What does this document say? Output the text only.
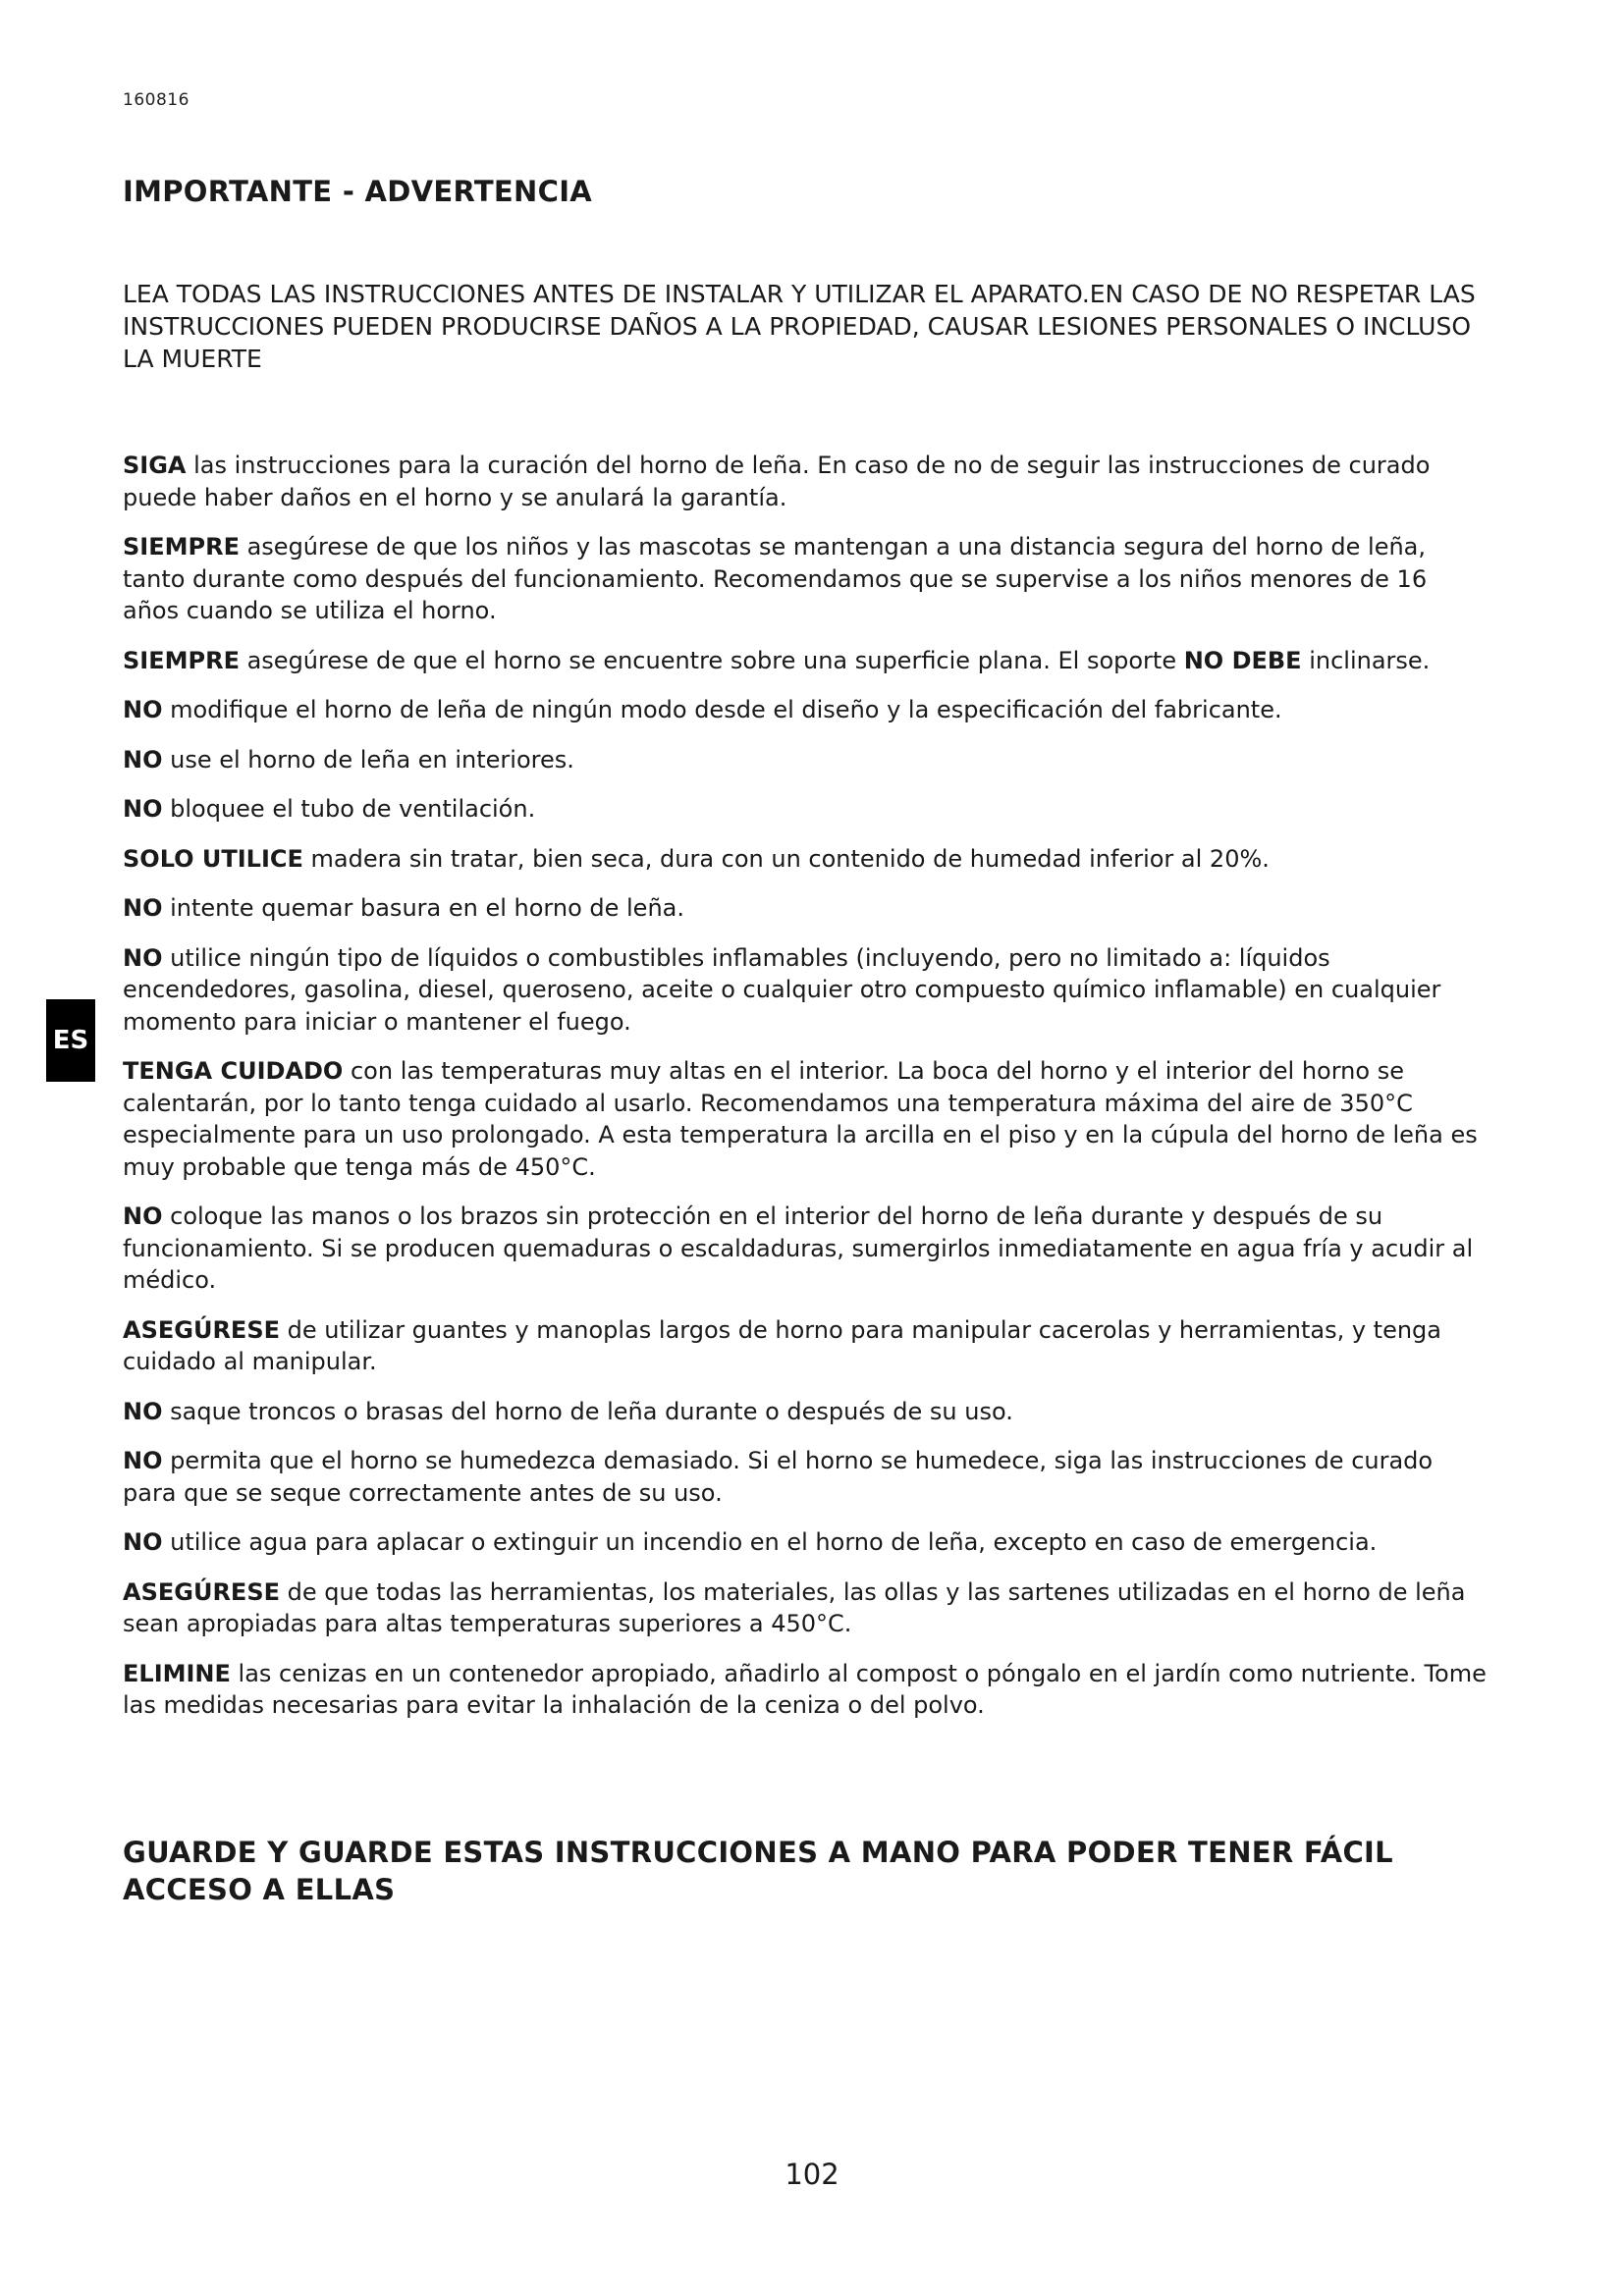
160816
IMPORTANTE - ADVERTENCIA

LEA TODAS LAS INSTRUCCIONES ANTES DE INSTALAR Y UTILIZAR EL APARATO.EN CASO DE NO RESPETAR LAS INSTRUCCIONES PUEDEN PRODUCIRSE DAÑOS A LA PROPIEDAD, CAUSAR LESIONES PERSONALES O INCLUSO LA MUERTE

SIGA las instrucciones para la curación del horno de leña. En caso de no de seguir las instrucciones de curado puede haber daños en el horno y se anulará la garantía.

SIEMPRE asegúrese de que los niños y las mascotas se mantengan a una distancia segura del horno de leña, tanto durante como después del funcionamiento. Recomendamos que se supervise a los niños menores de 16 años cuando se utiliza el horno.

SIEMPRE asegúrese de que el horno se encuentre sobre una superficie plana. El soporte NO DEBE inclinarse.

NO modifique el horno de leña de ningún modo desde el diseño y la especificación del fabricante.

NO use el horno de leña en interiores.

NO bloquee el tubo de ventilación.

SOLO UTILICE madera sin tratar, bien seca, dura con un contenido de humedad inferior al 20%.

NO intente quemar basura en el horno de leña.

NO utilice ningún tipo de líquidos o combustibles inflamables (incluyendo, pero no limitado a: líquidos encendedores, gasolina, diesel, queroseno, aceite o cualquier otro compuesto químico inflamable) en cualquier momento para iniciar o mantener el fuego.

TENGA CUIDADO con las temperaturas muy altas en el interior. La boca del horno y el interior del horno se calentarán, por lo tanto tenga cuidado al usarlo. Recomendamos una temperatura máxima del aire de 350°C especialmente para un uso prolongado. A esta temperatura la arcilla en el piso y en la cúpula del horno de leña es muy probable que tenga más de 450°C.

NO coloque las manos o los brazos sin protección en el interior del horno de leña durante y después de su funcionamiento. Si se producen quemaduras o escaldaduras, sumergirlos inmediatamente en agua fría y acudir al médico.

ASEGÚRESE de utilizar guantes y manoplas largos de horno para manipular cacerolas y herramientas, y tenga cuidado al manipular.

NO saque troncos o brasas del horno de leña durante o después de su uso.

NO permita que el horno se humedezca demasiado. Si el horno se humedece, siga las instrucciones de curado para que se seque correctamente antes de su uso.

NO utilice agua para aplacar o extinguir un incendio en el horno de leña, excepto en caso de emergencia.

ASEGÚRESE de que todas las herramientas, los materiales, las ollas y las sartenes utilizadas en el horno de leña sean apropiadas para altas temperaturas superiores a 450°C.

ELIMINE las cenizas en un contenedor apropiado, añadirlo al compost o póngalo en el jardín como nutriente. Tome las medidas necesarias para evitar la inhalación de la ceniza o del polvo.

GUARDE Y GUARDE ESTAS INSTRUCCIONES A MANO PARA PODER TENER FÁCIL ACCESO A ELLAS
ES
102
